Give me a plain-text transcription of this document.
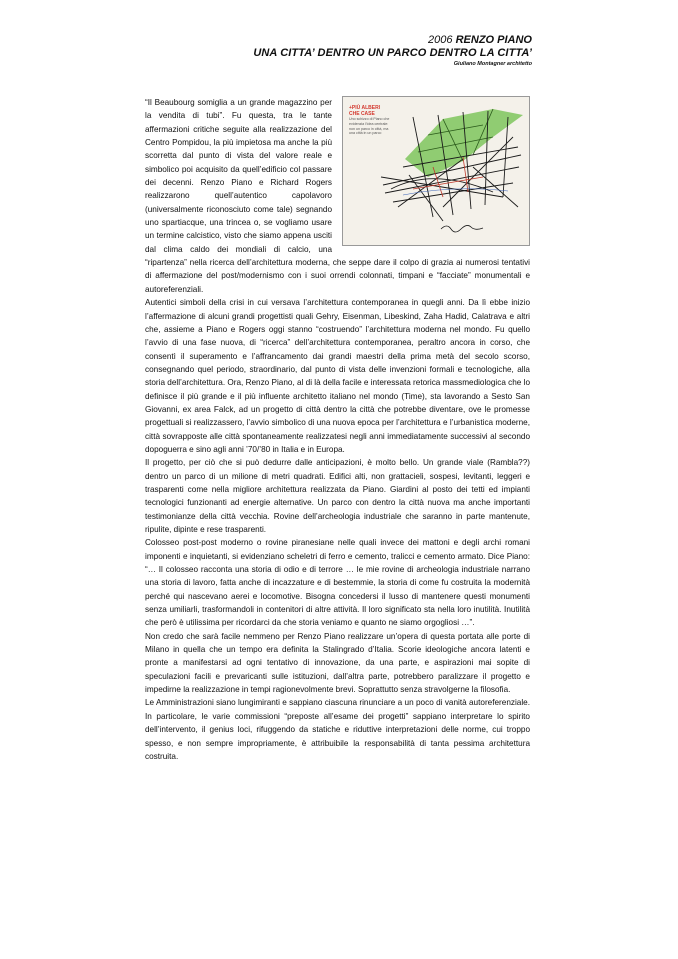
2006 RENZO PIANO
UNA CITTA’ DENTRO UN PARCO DENTRO LA CITTA’
Giuliano Montagner architetto

+PIÙ ALBERI

CHE CASE

Uno schizzo di Piano che

evidenzia l'idea centrale:

non un parco in città, ma

una città in un parco

“Il Beaubourg somiglia a un grande magazzino per la vendita di tubi”. Fu questa, tra le tante affermazioni critiche seguite alla realizzazione del Centro Pompidou, la più impietosa ma anche la più scorretta dal punto di vista del valore reale e simbolico poi acquisito da quell’edificio col passare dei decenni. Renzo Piano e Richard Rogers realizzarono quell’autentico capolavoro (universalmente riconosciuto come tale) segnando uno spartiacque, una trincea o, se vogliamo usare un termine calcistico, visto che siamo appena usciti dal clima caldo dei mondiali di calcio, una “ripartenza” nella ricerca dell’architettura moderna, che seppe dare il colpo di grazia ai numerosi tentativi di affermazione del post/modernismo con i suoi orrendi colonnati, timpani e “facciate” monumentali e autoreferenziali.

Autentici simboli della crisi in cui versava l’architettura contemporanea in quegli anni. Da lì ebbe inizio l’affermazione di alcuni grandi progettisti quali Gehry, Eisenman, Libeskind, Zaha Hadid, Calatrava e altri che, assieme a Piano e Rogers oggi stanno “costruendo” l’architettura moderna nel mondo. Fu quello l’avvio di una fase nuova, di “ricerca” dell’architettura contemporanea, peraltro ancora in corso, che consentì il superamento e l’affrancamento dai grandi maestri della prima metà del secolo scorso, consegnando quel periodo, straordinario, dal punto di vista delle invenzioni formali e tecnologiche, alla storia dell’architettura. Ora, Renzo Piano, al di là della facile e interessata retorica massmediologica che lo definisce il più grande e il più influente architetto italiano nel mondo (Time), sta lavorando a Sesto San Giovanni, ex area Falck, ad un progetto di città dentro la città che potrebbe diventare, ove le promesse progettuali si realizzassero, l’avvio simbolico di una nuova epoca per l’architettura e l’urbanistica moderne, città sovrapposte alle città spontaneamente realizzatesi negli anni immediatamente successivi al secondo dopoguerra e sino agli anni ’70/’80 in Italia e in Europa.

Il progetto, per ciò che si può dedurre dalle anticipazioni, è molto bello. Un grande viale (Rambla??) dentro un parco di un milione di metri quadrati. Edifici alti, non grattacieli, sospesi, levitanti, leggeri e trasparenti come nella migliore architettura realizzata da Piano. Giardini al posto dei tetti ed impianti tecnologici funzionanti ad energie alternative. Un parco con dentro la città nuova ma anche importanti testimonianze della città vecchia. Rovine dell’archeologia industriale che saranno in parte mantenute, ripulite, dipinte e rese trasparenti.

Colosseo post-post moderno o rovine piranesiane nelle quali invece dei mattoni e degli archi romani imponenti e inquietanti, si evidenziano scheletri di ferro e cemento, tralicci e cemento armato. Dice Piano: “… Il colosseo racconta una storia di odio e di terrore … le mie rovine di archeologia industriale narrano una storia di lavoro, fatta anche di incazzature e di bestemmie, la storia di come fu costruita la modernità perché qui nascevano aerei e locomotive. Bisogna concedersi il lusso di mantenere questi monumenti senza umiliarli, trasformandoli in contenitori di altre attività. Il loro significato sta nella loro inutilità. Inutilità che però è utilissima per ricordarci da che storia veniamo e quanto ne siamo orgogliosi …”.

Non credo che sarà facile nemmeno per Renzo Piano realizzare un’opera di questa portata alle porte di Milano in quella che un tempo era definita la Stalingrado d’Italia. Scorie ideologiche ancora latenti e pronte a manifestarsi ad ogni tentativo di innovazione, da una parte, e aspirazioni mai sopite di speculazioni facili e prevaricanti sulle istituzioni, dall’altra parte, potrebbero paralizzare il progetto e impedirne la realizzazione in tempi ragionevolmente brevi. Soprattutto senza stravolgerne la filosofia.

Le Amministrazioni siano lungimiranti e sappiano ciascuna rinunciare a un poco di vanità autoreferenziale. In particolare, le varie commissioni “preposte all’esame dei progetti” sappiano interpretare lo spirito dell’intervento, il genius loci, rifuggendo da statiche e riduttive interpretazioni delle norme, cui troppo spesso, e non sempre impropriamente, è attribuibile la responsabilità di tanta pessima architettura costruita.
